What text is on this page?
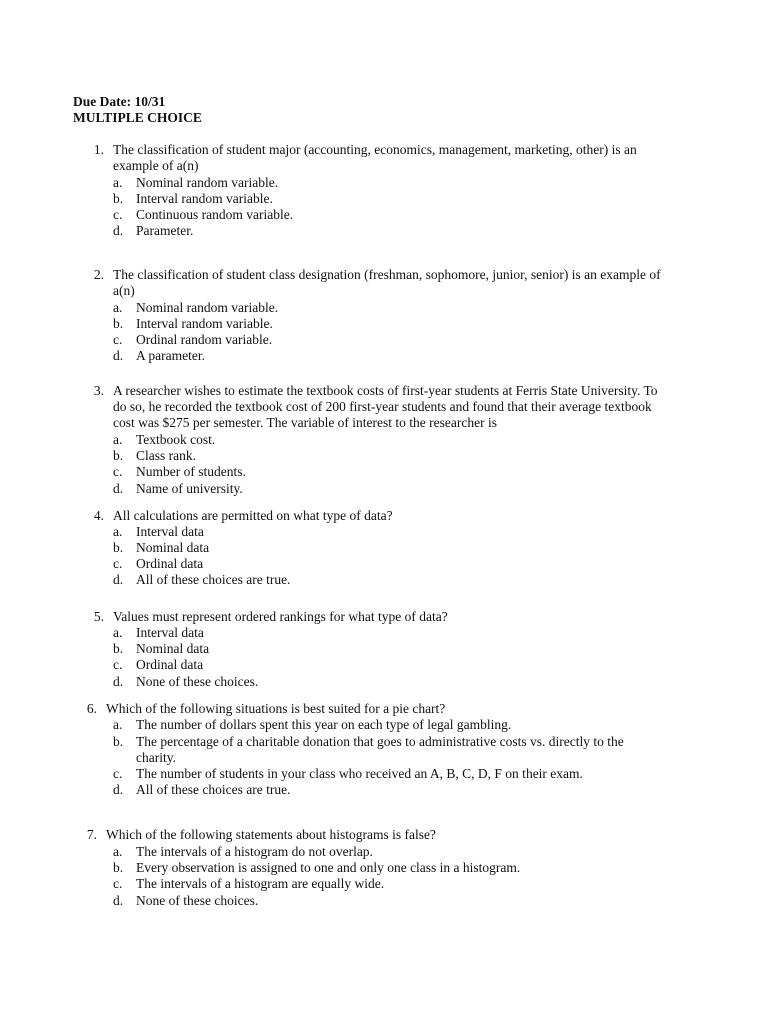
Due Date: 10/31
MULTIPLE CHOICE
1. The classification of student major (accounting, economics, management, marketing, other) is an example of a(n)
a.	Nominal random variable.
b. Interval random variable.
c.	Continuous random variable.
d. Parameter.
2. The classification of student class designation (freshman, sophomore, junior, senior) is an example of a(n)
a.	Nominal random variable.
b. Interval random variable.
c.	Ordinal random variable.
d. A parameter.
3. A researcher wishes to estimate the textbook costs of first-year students at Ferris State University. To do so, he recorded the textbook cost of 200 first-year students and found that their average textbook cost was $275 per semester. The variable of interest to the researcher is
a.	Textbook cost.
b. Class rank.
c.	Number of students.
d. Name of university.
4. All calculations are permitted on what type of data?
a.	Interval data
b. Nominal data
c.	Ordinal data
d. All of these choices are true.
5. Values must represent ordered rankings for what type of data?
a.	Interval data
b. Nominal data
c.	Ordinal data
d. None of these choices.
6. Which of the following situations is best suited for a pie chart?
a.	The number of dollars spent this year on each type of legal gambling.
b. The percentage of a charitable donation that goes to administrative costs vs. directly to the charity.
c.	The number of students in your class who received an A, B, C, D, F on their exam.
d. All of these choices are true.
7. Which of the following statements about histograms is false?
a.	The intervals of a histogram do not overlap.
b. Every observation is assigned to one and only one class in a histogram.
c.	The intervals of a histogram are equally wide.
d. None of these choices.
